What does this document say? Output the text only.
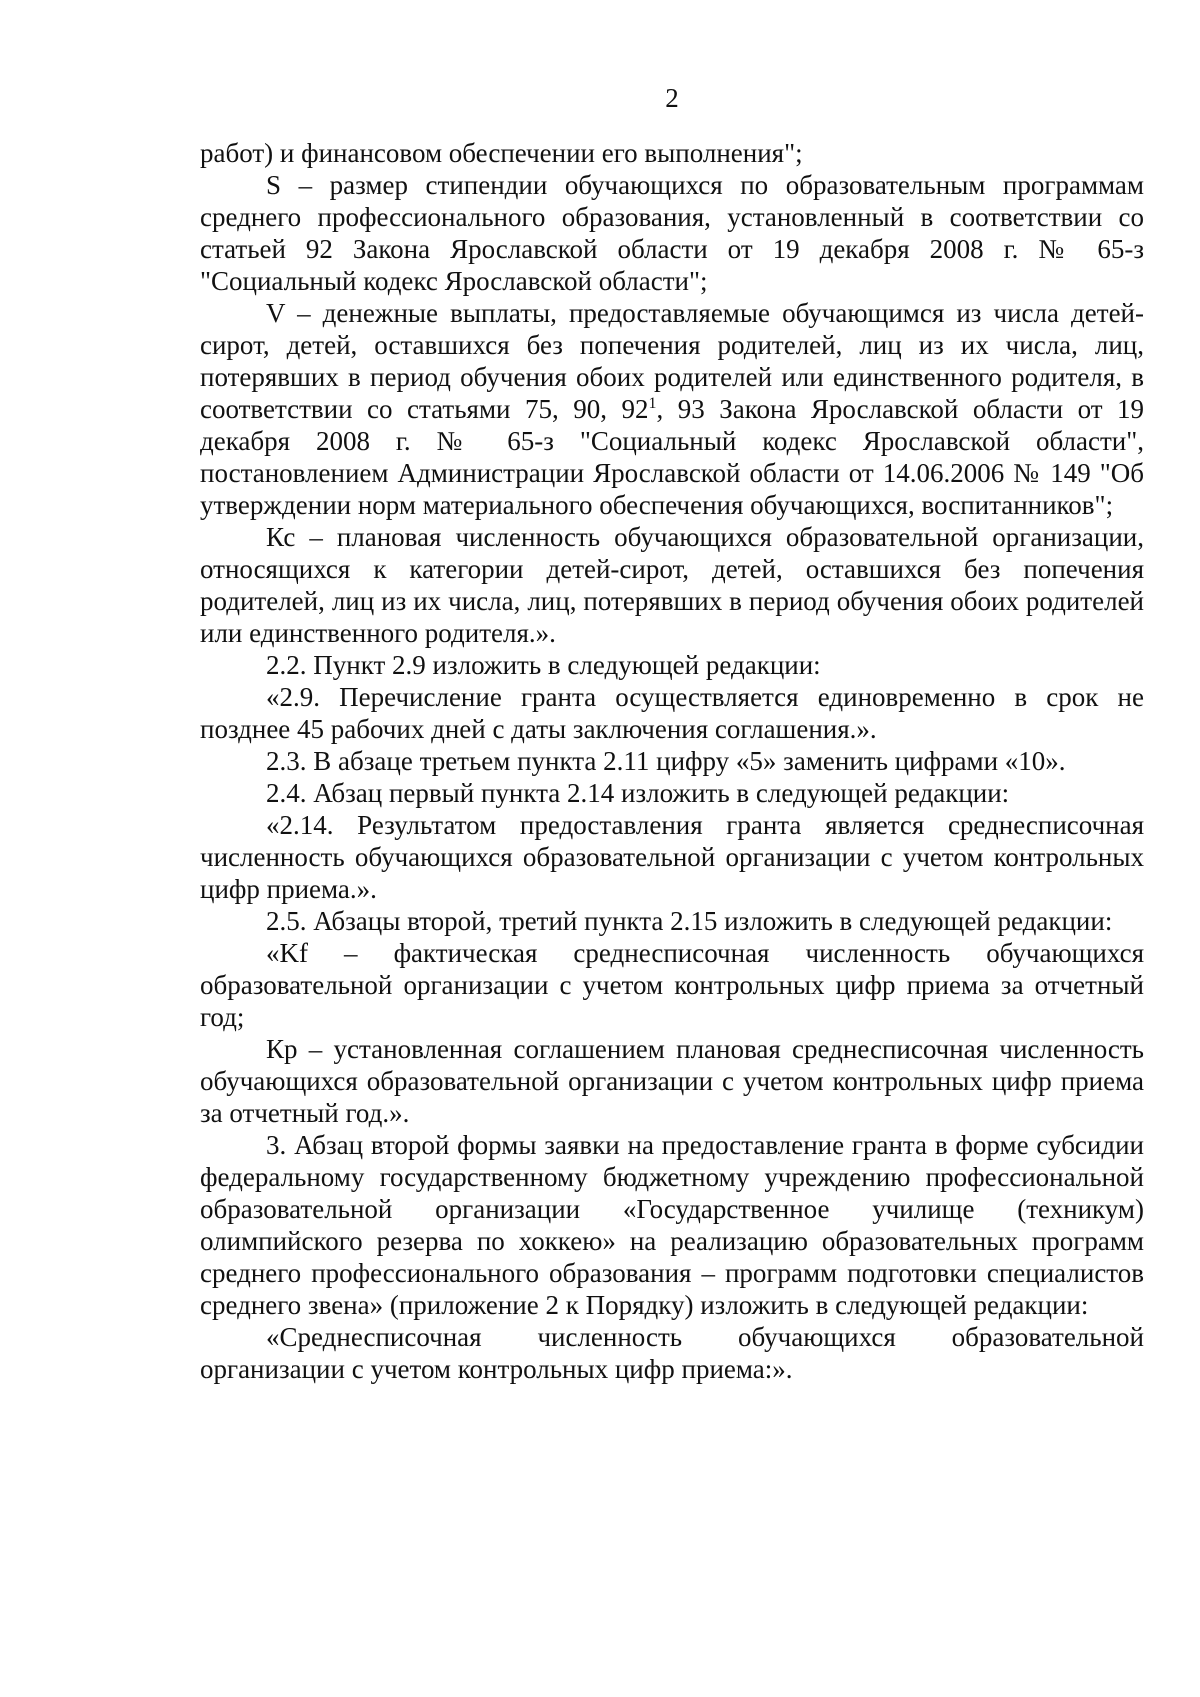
2

работ) и финансовом обеспечении его выполнения";

S – размер стипендии обучающихся по образовательным программам среднего профессионального образования, установленный в соответствии со статьей 92 Закона Ярославской области от 19 декабря 2008 г. № 65-з "Социальный кодекс Ярославской области";

V – денежные выплаты, предоставляемые обучающимся из числа детей-сирот, детей, оставшихся без попечения родителей, лиц из их числа, лиц, потерявших в период обучения обоих родителей или единственного родителя, в соответствии со статьями 75, 90, $92^1$, 93 Закона Ярославской области от 19 декабря 2008 г. № 65-з "Социальный кодекс Ярославской области", постановлением Администрации Ярославской области от 14.06.2006 № 149 "Об утверждении норм материального обеспечения обучающихся, воспитанников";

Кс – плановая численность обучающихся образовательной организации, относящихся к категории детей-сирот, детей, оставшихся без попечения родителей, лиц из их числа, лиц, потерявших в период обучения обоих родителей или единственного родителя.».

2.2. Пункт 2.9 изложить в следующей редакции:

«2.9. Перечисление гранта осуществляется единовременно в срок не позднее 45 рабочих дней с даты заключения соглашения.».

2.3. В абзаце третьем пункта 2.11 цифру «5» заменить цифрами «10».

2.4. Абзац первый пункта 2.14 изложить в следующей редакции:

«2.14. Результатом предоставления гранта является среднесписочная численность обучающихся образовательной организации с учетом контрольных цифр приема.».

2.5. Абзацы второй, третий пункта 2.15 изложить в следующей редакции:

«Kf – фактическая среднесписочная численность обучающихся образовательной организации с учетом контрольных цифр приема за отчетный год;

Кр – установленная соглашением плановая среднесписочная численность обучающихся образовательной организации с учетом контрольных цифр приема за отчетный год.».

3. Абзац второй формы заявки на предоставление гранта в форме субсидии федеральному государственному бюджетному учреждению профессиональной образовательной организации «Государственное училище (техникум) олимпийского резерва по хоккею» на реализацию образовательных программ среднего профессионального образования – программ подготовки специалистов среднего звена» (приложение 2 к Порядку) изложить в следующей редакции:

«Среднесписочная численность обучающихся образовательной организации с учетом контрольных цифр приема:».
